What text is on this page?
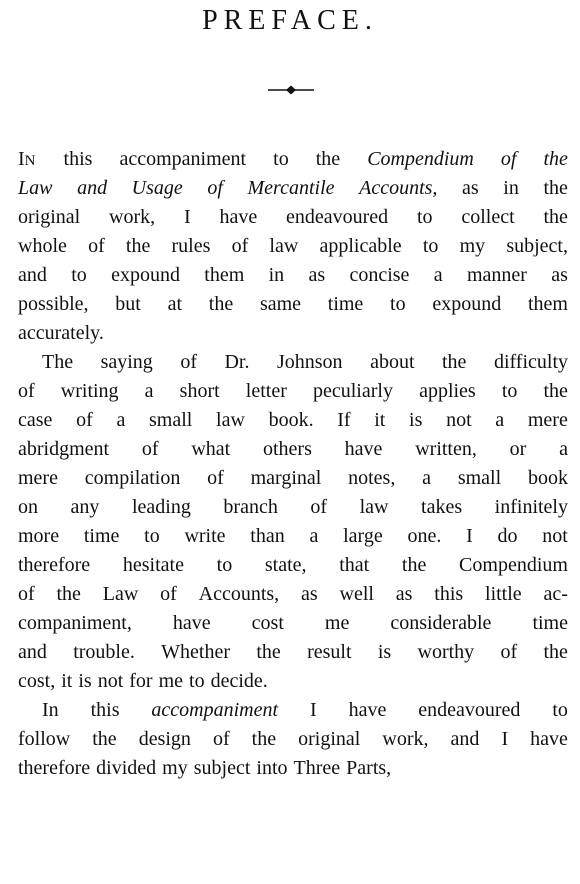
PREFACE.
IN this accompaniment to the Compendium of the
Law and Usage of Mercantile Accounts, as in the
original work, I have endeavoured to collect the
whole of the rules of law applicable to my subject,
and to expound them in as concise a manner as
possible, but at the same time to expound them
accurately.
The saying of Dr. Johnson about the difficulty
of writing a short letter peculiarly applies to the
case of a small law book. If it is not a mere
abridgment of what others have written, or a
mere compilation of marginal notes, a small book
on any leading branch of law takes infinitely
more time to write than a large one. I do not
therefore hesitate to state, that the Compendium
of the Law of Accounts, as well as this little ac-
companiment, have cost me considerable time
and trouble. Whether the result is worthy of the
cost, it is not for me to decide.
In this accompaniment I have endeavoured to
follow the design of the original work, and I have
therefore divided my subject into Three Parts,
